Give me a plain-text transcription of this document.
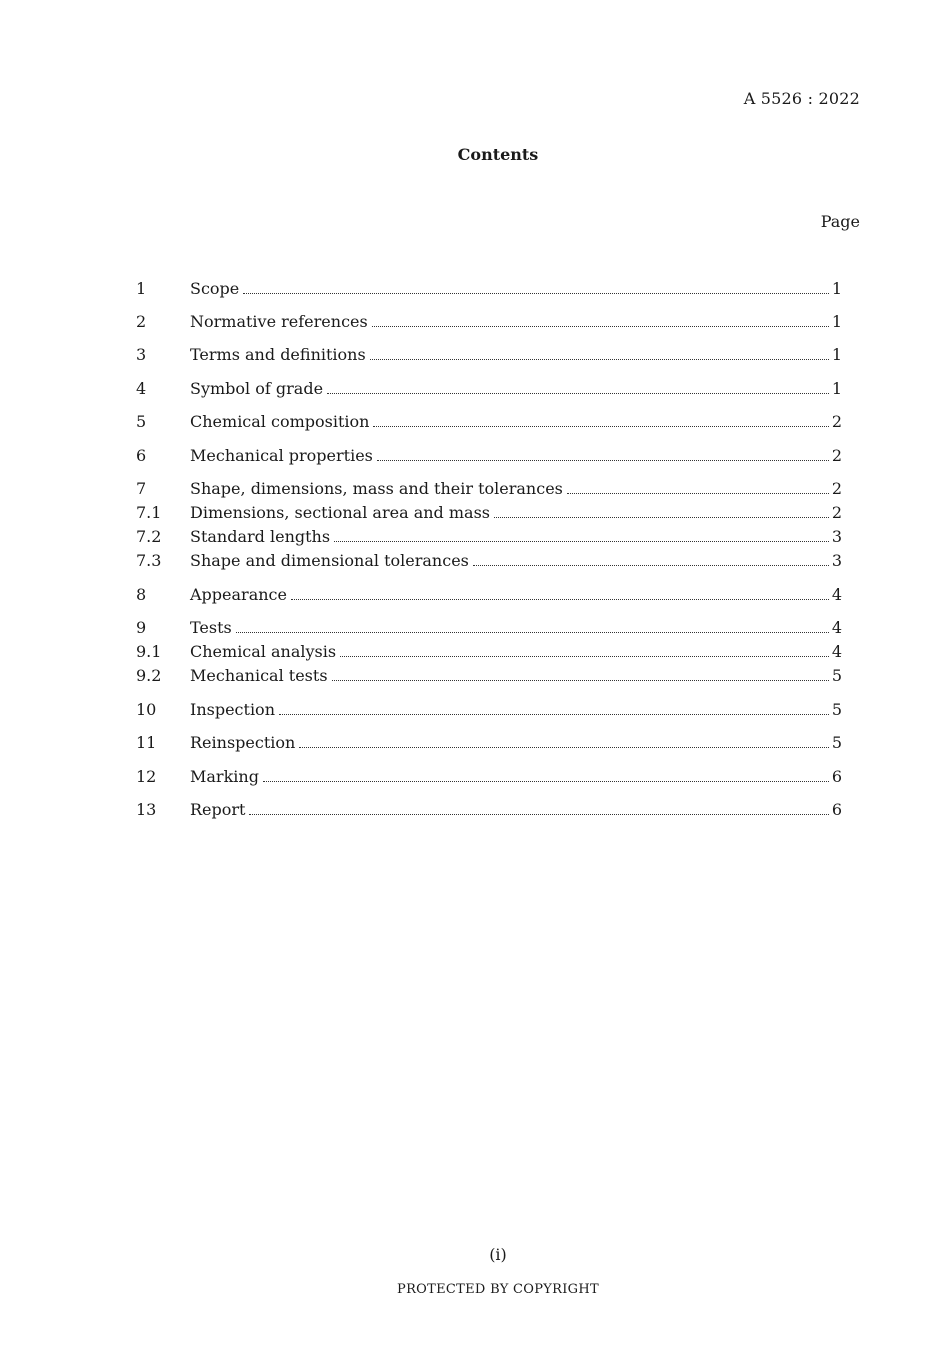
A 5526 : 2022
Contents
Page
1	Scope	1
2	Normative references	1
3	Terms and definitions	1
4	Symbol of grade	1
5	Chemical composition	2
6	Mechanical properties	2
7	Shape, dimensions, mass and their tolerances	2
7.1	Dimensions, sectional area and mass	2
7.2	Standard lengths	3
7.3	Shape and dimensional tolerances	3
8	Appearance	4
9	Tests	4
9.1	Chemical analysis	4
9.2	Mechanical tests	5
10	Inspection	5
11	Reinspection	5
12	Marking	6
13	Report	6
(i)
PROTECTED BY COPYRIGHT
